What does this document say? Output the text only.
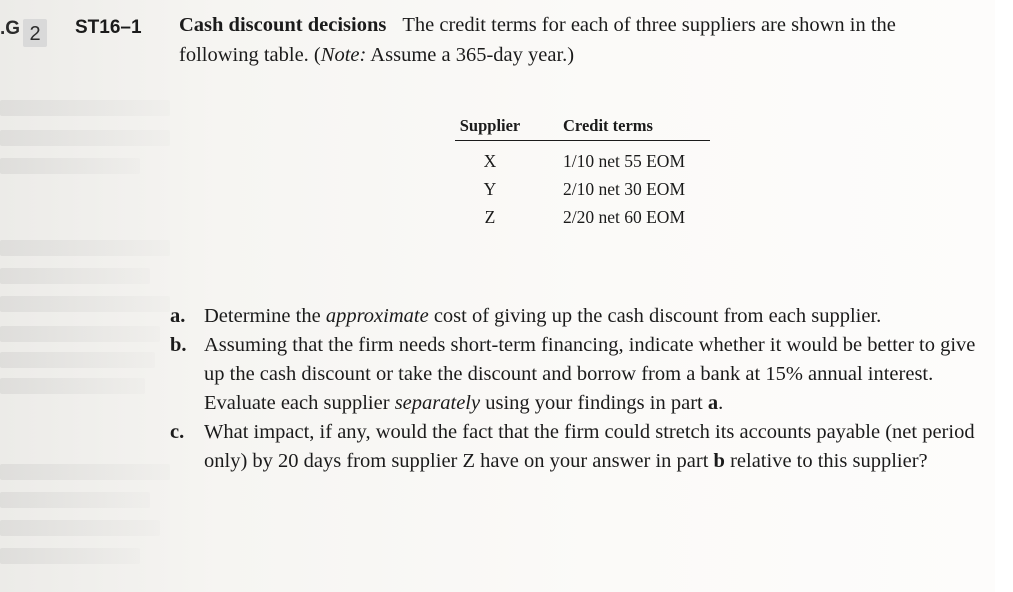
.G 2	ST16–1 Cash discount decisions The credit terms for each of three suppliers are shown in the following table. (Note: Assume a 365-day year.)
Supplier	Credit terms
X	1/10 net 55 EOM
Y	2/10 net 30 EOM
Z	2/20 net 60 EOM
a. Determine the approximate cost of giving up the cash discount from each supplier.
b. Assuming that the firm needs short-term financing, indicate whether it would be better to give up the cash discount or take the discount and borrow from a bank at 15% annual interest. Evaluate each supplier separately using your findings in part a.
c. What impact, if any, would the fact that the firm could stretch its accounts payable (net period only) by 20 days from supplier Z have on your answer in part b relative to this supplier?
